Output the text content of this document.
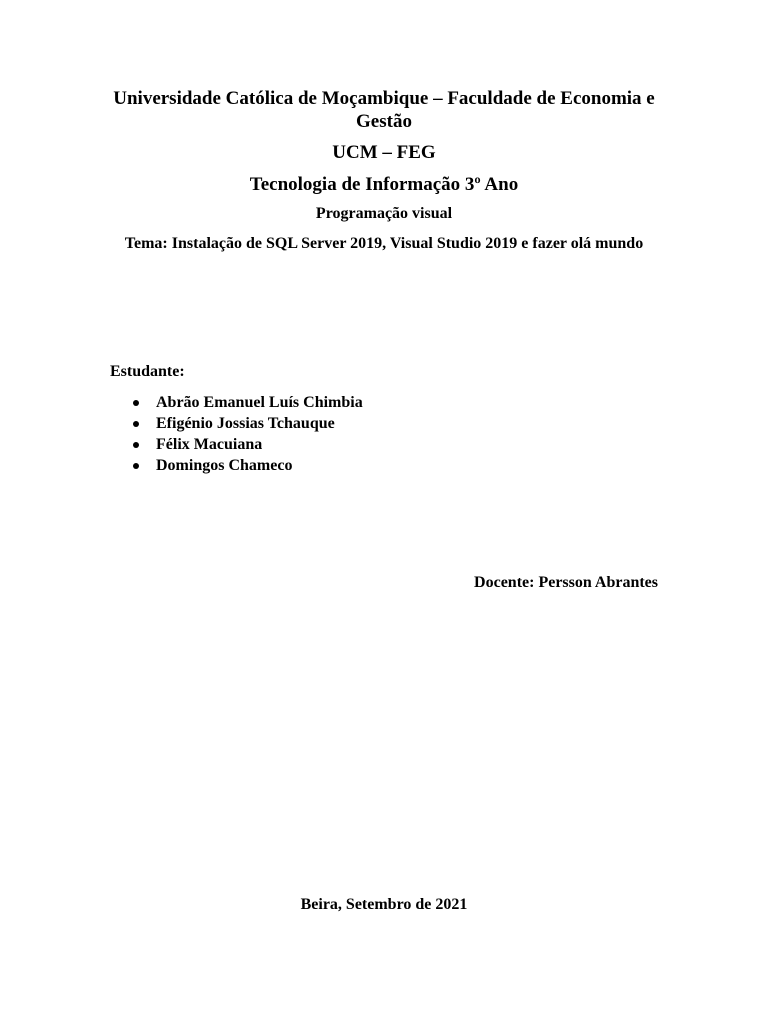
Universidade Católica de Moçambique – Faculdade de Economia e Gestão
UCM – FEG
Tecnologia de Informação 3º Ano
Programação visual
Tema: Instalação de SQL Server 2019, Visual Studio 2019 e fazer olá mundo
Estudante:
Abrão Emanuel Luís Chimbia
Efigénio Jossias Tchauque
Félix Macuiana
Domingos Chameco
Docente: Persson Abrantes
Beira, Setembro de 2021
